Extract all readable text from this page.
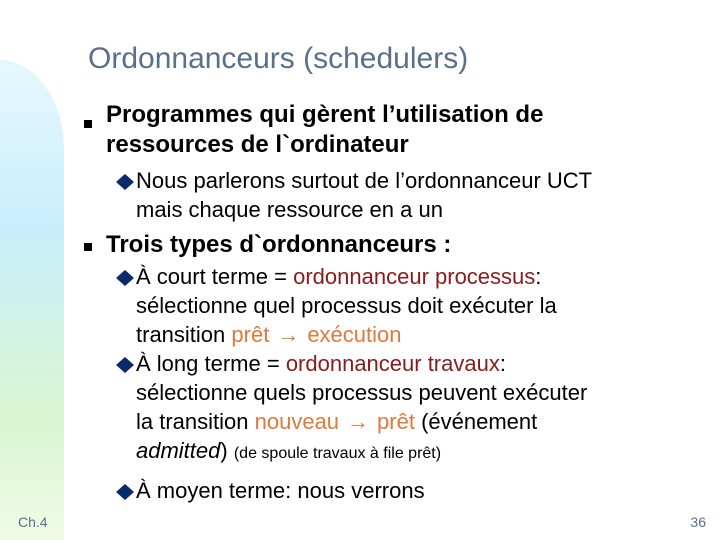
Ordonnanceurs (schedulers)
Programmes qui gèrent l’utilisation de
ressources de l`ordinateur
Nous parlerons surtout de l’ordonnanceur UCT
mais chaque ressource en a un
Trois types d`ordonnanceurs :
À court terme = ordonnanceur processus:
sélectionne quel processus doit exécuter la
transition prêt → exécution
À long terme = ordonnanceur travaux:
sélectionne quels processus peuvent exécuter
la transition nouveau → prêt (événement
admitted) (de spoule travaux à file prêt)
À moyen terme: nous verrons
Ch.4	36
